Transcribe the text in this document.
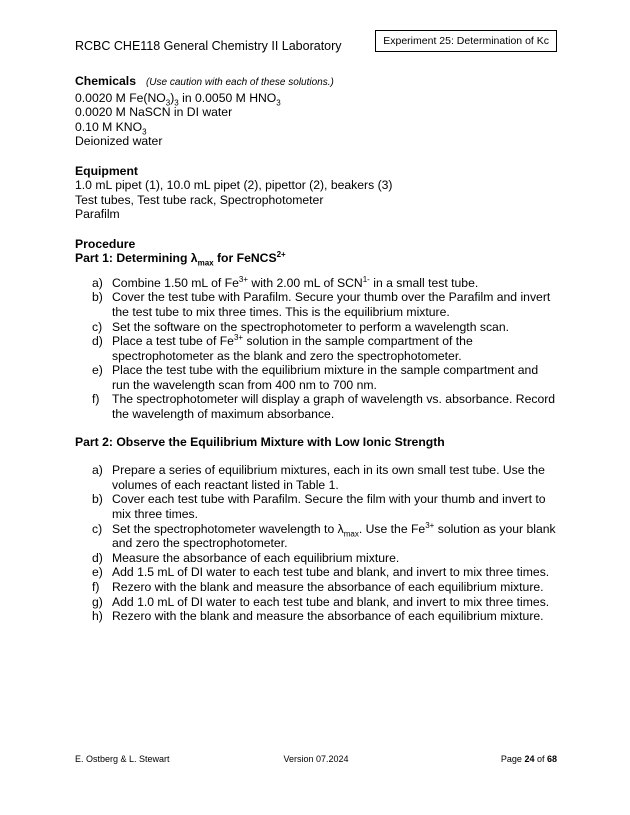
RCBC CHE118 General Chemistry II Laboratory	Experiment 25: Determination of Kc
Chemicals (Use caution with each of these solutions.)
0.0020 M $Fe(NO_3)_3$ in 0.0050 M $HNO_3$
0.0020 M NaSCN in DI water
0.10 M $KNO_3$
Deionized water
Equipment
1.0 mL pipet (1), 10.0 mL pipet (2), pipettor (2), beakers (3)
Test tubes, Test tube rack, Spectrophotometer
Parafilm
Procedure
Part 1: Determining $\lambda_{max}$ for FeNCS$^{2+}$
a) Combine 1.50 mL of $Fe^{3+}$ with 2.00 mL of $SCN^{1-}$ in a small test tube.
b) Cover the test tube with Parafilm. Secure your thumb over the Parafilm and invert the test tube to mix three times. This is the equilibrium mixture.
c) Set the software on the spectrophotometer to perform a wavelength scan.
d) Place a test tube of $Fe^{3+}$ solution in the sample compartment of the spectrophotometer as the blank and zero the spectrophotometer.
e) Place the test tube with the equilibrium mixture in the sample compartment and run the wavelength scan from 400 nm to 700 nm.
f) The spectrophotometer will display a graph of wavelength vs. absorbance. Record the wavelength of maximum absorbance.
Part 2: Observe the Equilibrium Mixture with Low Ionic Strength
a) Prepare a series of equilibrium mixtures, each in its own small test tube. Use the volumes of each reactant listed in Table 1.
b) Cover each test tube with Parafilm. Secure the film with your thumb and invert to mix three times.
c) Set the spectrophotometer wavelength to $\lambda_{max}$. Use the $Fe^{3+}$ solution as your blank and zero the spectrophotometer.
d) Measure the absorbance of each equilibrium mixture.
e) Add 1.5 mL of DI water to each test tube and blank, and invert to mix three times.
f) Rezero with the blank and measure the absorbance of each equilibrium mixture.
g) Add 1.0 mL of DI water to each test tube and blank, and invert to mix three times.
h) Rezero with the blank and measure the absorbance of each equilibrium mixture.
E. Ostberg & L. Stewart	Version 07.2024	Page 24 of 68
